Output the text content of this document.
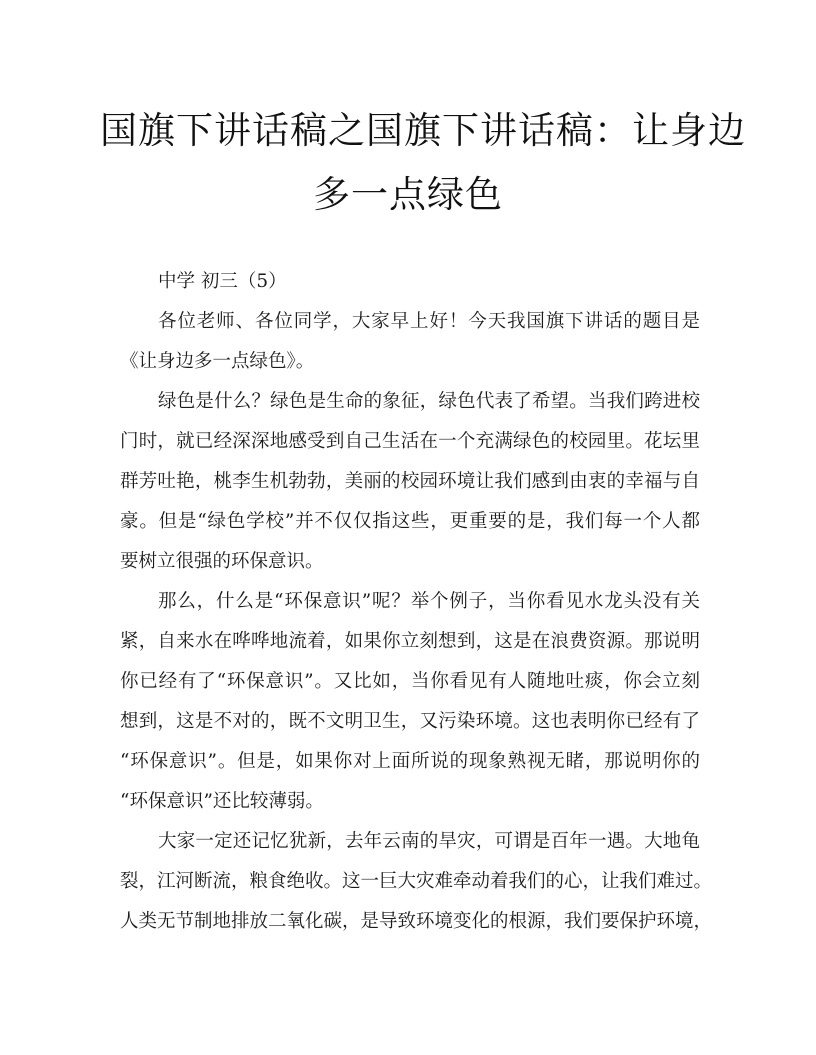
国旗下讲话稿之国旗下讲话稿：让身边
多一点绿色
中学 初三（5）
各位老师、各位同学，大家早上好！今天我国旗下讲话的题目是
《让身边多一点绿色》。
绿色是什么？绿色是生命的象征，绿色代表了希望。当我们跨进校
门时，就已经深深地感受到自己生活在一个充满绿色的校园里。花坛里
群芳吐艳，桃李生机勃勃，美丽的校园环境让我们感到由衷的幸福与自
豪。但是“绿色学校”并不仅仅指这些，更重要的是，我们每一个人都
要树立很强的环保意识。
那么，什么是“环保意识”呢？举个例子，当你看见水龙头没有关
紧，自来水在哗哗地流着，如果你立刻想到，这是在浪费资源。那说明
你已经有了“环保意识”。又比如，当你看见有人随地吐痰，你会立刻
想到，这是不对的，既不文明卫生，又污染环境。这也表明你已经有了
“环保意识”。但是，如果你对上面所说的现象熟视无睹，那说明你的
“环保意识”还比较薄弱。
大家一定还记忆犹新，去年云南的旱灾，可谓是百年一遇。大地龟
裂，江河断流，粮食绝收。这一巨大灾难牵动着我们的心，让我们难过。
人类无节制地排放二氧化碳，是导致环境变化的根源，我们要保护环境，
